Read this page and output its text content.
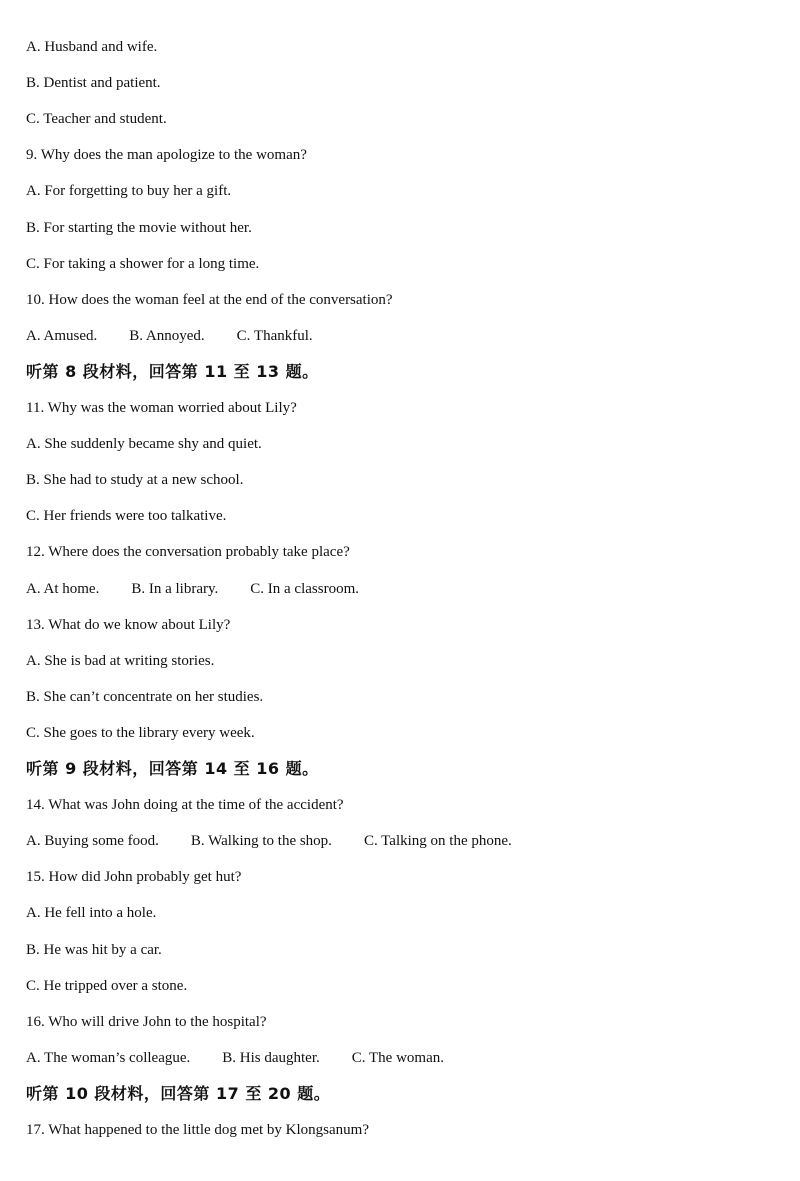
A. Husband and wife.
B. Dentist and patient.
C. Teacher and student.
9. Why does the man apologize to the woman?
A. For forgetting to buy her a gift.
B. For starting the movie without her.
C. For taking a shower for a long time.
10. How does the woman feel at the end of the conversation?
A. Amused. B. Annoyed. C. Thankful.
听第 8 段材料，回答第 11 至 13 题。
11. Why was the woman worried about Lily?
A. She suddenly became shy and quiet.
B. She had to study at a new school.
C. Her friends were too talkative.
12. Where does the conversation probably take place?
A. At home. B. In a library. C. In a classroom.
13. What do we know about Lily?
A. She is bad at writing stories.
B. She can’t concentrate on her studies.
C. She goes to the library every week.
听第 9 段材料，回答第 14 至 16 题。
14. What was John doing at the time of the accident?
A. Buying some food. B. Walking to the shop. C. Talking on the phone.
15. How did John probably get hut?
A. He fell into a hole.
B. He was hit by a car.
C. He tripped over a stone.
16. Who will drive John to the hospital?
A. The woman’s colleague. B. His daughter. C. The woman.
听第 10 段材料，回答第 17 至 20 题。
17. What happened to the little dog met by Klongsanum?
